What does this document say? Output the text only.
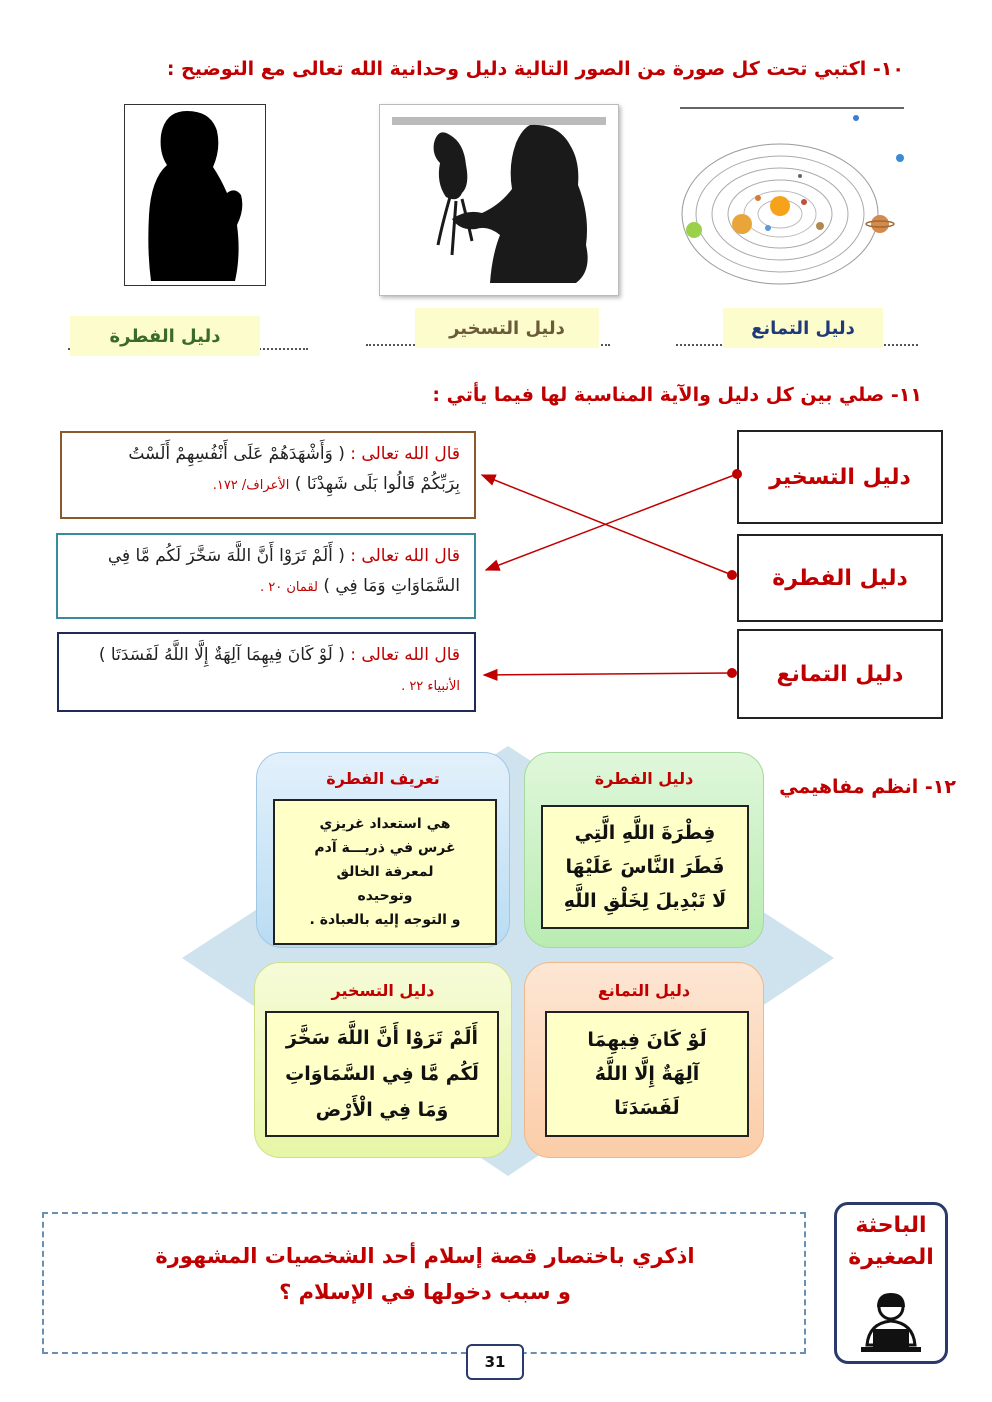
١٠- اكتبي تحت كل صورة من الصور التالية دليل وحدانية الله تعالى مع التوضيح :
دليل التمانع
دليل التسخير
دليل الفطرة
١١- صلي بين كل دليل والآية المناسبة لها فيما يأتي :
دليل التسخير
دليل الفطرة
دليل التمانع
قال الله تعالى : ( وَأَشْهَدَهُمْ عَلَى أَنْفُسِهِمْ أَلَسْتُ
بِرَبِّكُمْ قَالُوا بَلَى شَهِدْنَا ) الأعراف/ ١٧٢.
قال الله تعالى : ( أَلَمْ تَرَوْا أَنَّ اللَّهَ سَخَّرَ لَكُم مَّا فِي
السَّمَاوَاتِ وَمَا فِي ) لقمان ٢٠ .
قال الله تعالى : ( لَوْ كَانَ فِيهِمَا آلِهَةٌ إِلَّا اللَّهُ لَفَسَدَتَا )
الأنبياء ٢٢ .
١٢- انظم مفاهيمي
دليل الفطرة
فِطْرَةَ اللَّهِ الَّتِي
فَطَرَ النَّاسَ عَلَيْهَا
لَا تَبْدِيلَ لِخَلْقِ اللَّهِ
تعريف الفطرة
هي استعداد غريزي
غرس في ذريـــة آدم
لمعرفة الخالق
وتوحيده
و التوجه إليه بالعبادة .
دليل التمانع
لَوْ كَانَ فِيهِمَا
آلِهَةٌ إِلَّا اللَّهُ
لَفَسَدَتَا
دليل التسخير
أَلَمْ تَرَوْا أَنَّ اللَّهَ سَخَّرَ
لَكُم مَّا فِي السَّمَاوَاتِ
وَمَا فِي الْأَرْض
اذكري باختصار قصة إسلام أحد الشخصيات المشهورة
و سبب دخولها في الإسلام ؟
الباحثة
الصغيرة
31
